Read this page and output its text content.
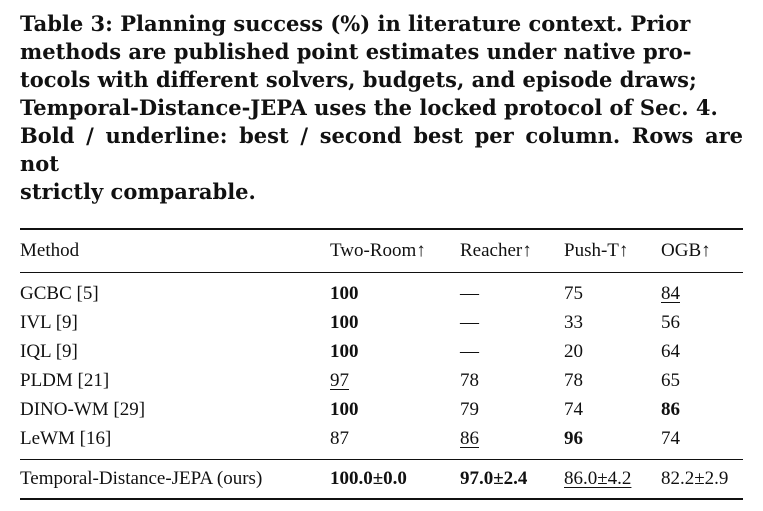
Table 3: Planning success (%) in literature context. Prior
methods are published point estimates under native pro-
tocols with different solvers, budgets, and episode draws;
Temporal-Distance-JEPA uses the locked protocol of Sec. 4.
Bold / underline: best / second best per column. Rows are not
strictly comparable.

Method	Two-Room↑	Reacher↑	Push-T↑	OGB↑
GCBC [5]	100	—	75	84
IVL [9]	100	—	33	56
IQL [9]	100	—	20	64
PLDM [21]	97	78	78	65
DINO-WM [29]	100	79	74	86
LeWM [16]	87	86	96	74
Temporal-Distance-JEPA (ours)	100.0±0.0	97.0±2.4	86.0±4.2	82.2±2.9
